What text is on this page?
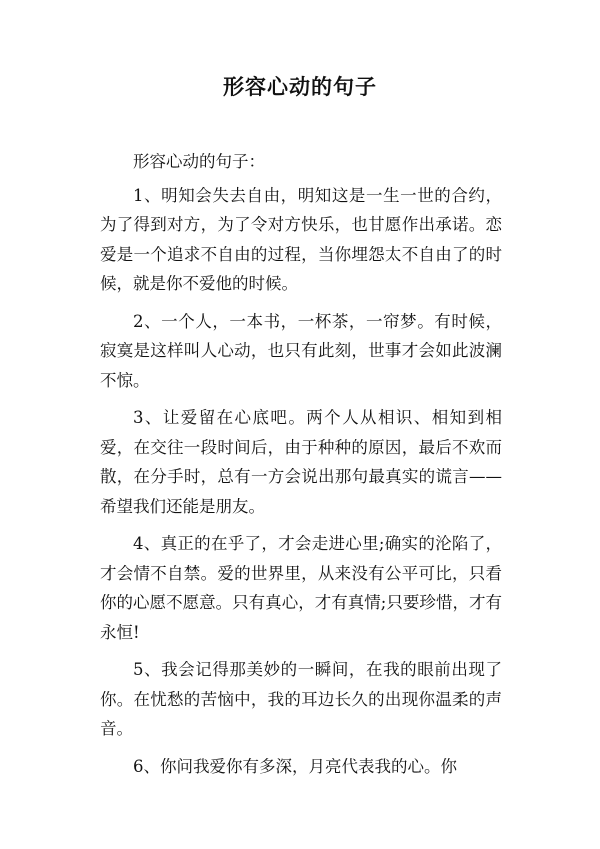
形容心动的句子

形容心动的句子：

1、明知会失去自由，明知这是一生一世的合约，为了得到对方，为了令对方快乐，也甘愿作出承诺。恋爱是一个追求不自由的过程，当你埋怨太不自由了的时候，就是你不爱他的时候。

2、一个人，一本书，一杯茶，一帘梦。有时候，寂寞是这样叫人心动，也只有此刻，世事才会如此波澜不惊。

3、让爱留在心底吧。两个人从相识、相知到相爱，在交往一段时间后，由于种种的原因，最后不欢而散，在分手时，总有一方会说出那句最真实的谎言——希望我们还能是朋友。

4、真正的在乎了，才会走进心里;确实的沦陷了，才会情不自禁。爱的世界里，从来没有公平可比，只看你的心愿不愿意。只有真心，才有真情;只要珍惜，才有永恒!

5、我会记得那美妙的一瞬间，在我的眼前出现了你。在忧愁的苦恼中，我的耳边长久的出现你温柔的声音。

6、你问我爱你有多深，月亮代表我的心。你
